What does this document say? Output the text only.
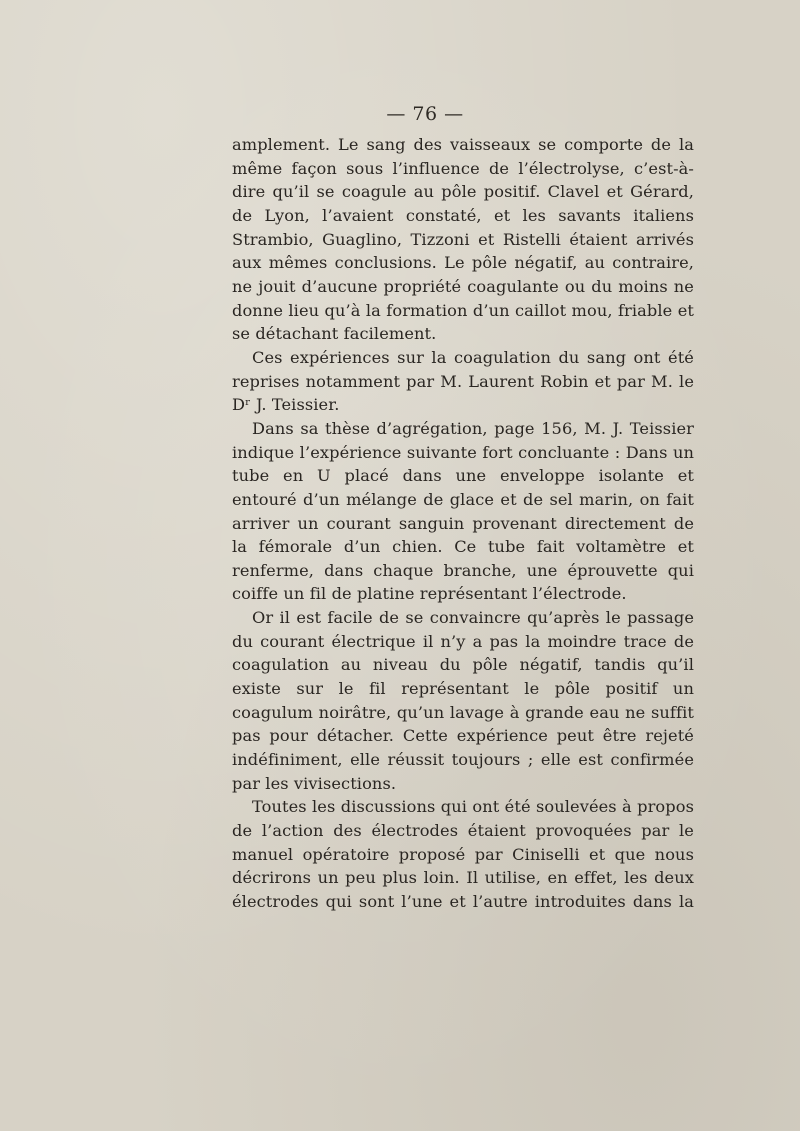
— 76 —

amplement. Le sang des vaisseaux se comporte de la même façon sous l’influence de l’électrolyse, c’est-à-dire qu’il se coagule au pôle positif. Clavel et Gérard, de Lyon, l’avaient constaté, et les savants italiens Strambio, Guaglino, Tizzoni et Ristelli étaient arrivés aux mêmes conclusions. Le pôle négatif, au contraire, ne jouit d’aucune propriété coagulante ou du moins ne donne lieu qu’à la formation d’un caillot mou, friable et se détachant facilement.

Ces expériences sur la coagulation du sang ont été reprises notamment par M. Laurent Robin et par M. le Dʳ J. Teissier.

Dans sa thèse d’agrégation, page 156, M. J. Teissier indique l’expérience suivante fort concluante : Dans un tube en U placé dans une enveloppe isolante et entouré d’un mélange de glace et de sel marin, on fait arriver un courant sanguin provenant directement de la fémorale d’un chien. Ce tube fait voltamètre et renferme, dans chaque branche, une éprouvette qui coiffe un fil de platine représentant l’électrode.

Or il est facile de se convaincre qu’après le passage du courant électrique il n’y a pas la moindre trace de coagulation au niveau du pôle négatif, tandis qu’il existe sur le fil représentant le pôle positif un coagulum noirâtre, qu’un lavage à grande eau ne suffit pas pour détacher. Cette expérience peut être rejeté indéfiniment, elle réussit toujours ; elle est confirmée par les vivisections.

Toutes les discussions qui ont été soulevées à propos de l’action des électrodes étaient provoquées par le manuel opératoire proposé par Ciniselli et que nous décrirons un peu plus loin. Il utilise, en effet, les deux électrodes qui sont l’une et l’autre introduites dans la
